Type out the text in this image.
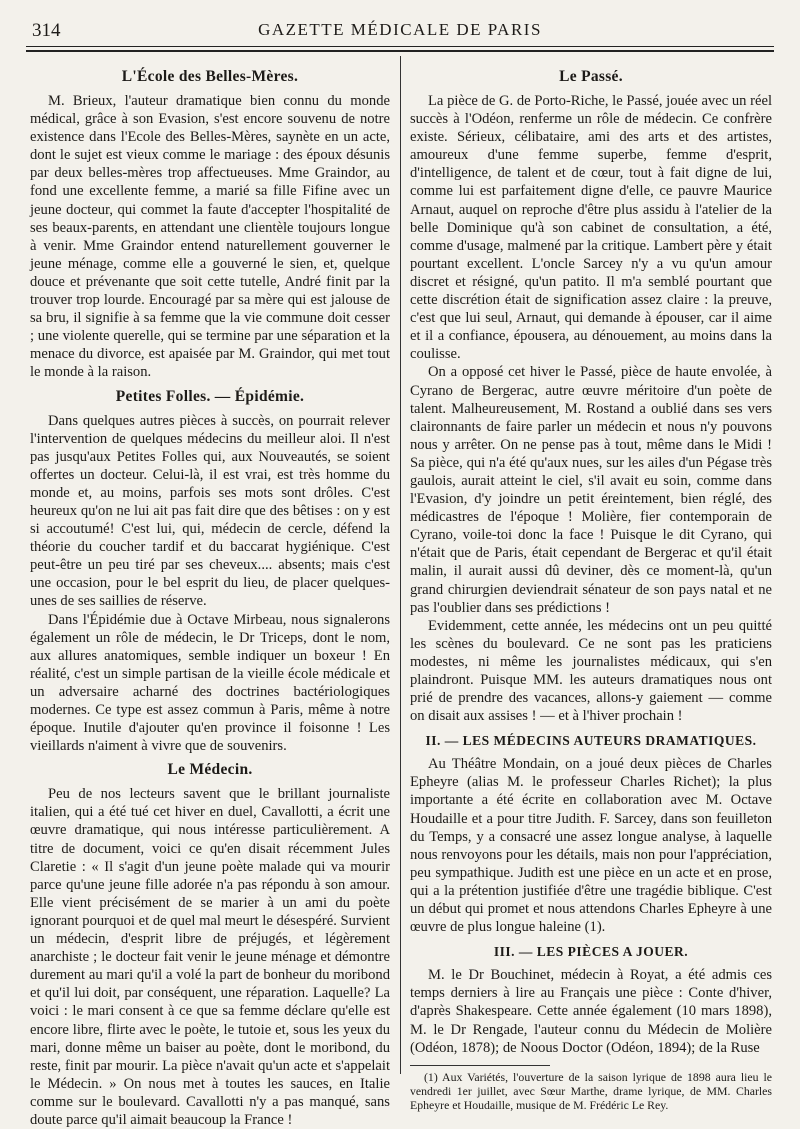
314	GAZETTE MÉDICALE DE PARIS
L'École des Belles-Mères.

M. Brieux, l'auteur dramatique bien connu du monde médical, grâce à son Evasion, s'est encore souvenu de notre existence dans l'Ecole des Belles-Mères, saynète en un acte, dont le sujet est vieux comme le mariage : des époux désunis par deux belles-mères trop affectueuses. Mme Graindor, au fond une excellente femme, a marié sa fille Fifine avec un jeune docteur, qui commet la faute d'accepter l'hospitalité de ses beaux-parents, en attendant une clientèle toujours longue à venir. Mme Graindor entend naturellement gouverner le jeune ménage, comme elle a gouverné le sien, et, quelque douce et prévenante que soit cette tutelle, André finit par la trouver trop lourde. Encouragé par sa mère qui est jalouse de sa bru, il signifie à sa femme que la vie commune doit cesser ; une violente querelle, qui se termine par une séparation et la menace du divorce, est apaisée par M. Graindor, qui met tout le monde à la raison.

Petites Folles. — Épidémie.

Dans quelques autres pièces à succès, on pourrait relever l'intervention de quelques médecins du meilleur aloi. Il n'est pas jusqu'aux Petites Folles qui, aux Nouveautés, se soient offertes un docteur. Celui-là, il est vrai, est très homme du monde et, au moins, parfois ses mots sont drôles. C'est heureux qu'on ne lui ait pas fait dire que des bêtises : on y est si accoutumé! C'est lui, qui, médecin de cercle, défend la théorie du coucher tardif et du baccarat hygiénique. C'est peut-être un peu tiré par ses cheveux.... absents; mais c'est une occasion, pour le bel esprit du lieu, de placer quelques-unes de ses saillies de réserve.

Dans l'Épidémie due à Octave Mirbeau, nous signalerons également un rôle de médecin, le Dr Triceps, dont le nom, aux allures anatomiques, semble indiquer un boxeur ! En réalité, c'est un simple partisan de la vieille école médicale et un adversaire acharné des doctrines bactériologiques modernes. Ce type est assez commun à Paris, même à notre époque. Inutile d'ajouter qu'en province il foisonne ! Les vieillards n'aiment à vivre que de souvenirs.

Le Médecin.

Peu de nos lecteurs savent que le brillant journaliste italien, qui a été tué cet hiver en duel, Cavallotti, a écrit une œuvre dramatique, qui nous intéresse particulièrement. A titre de document, voici ce qu'en disait récemment Jules Claretie : « Il s'agit d'un jeune poète malade qui va mourir parce qu'une jeune fille adorée n'a pas répondu à son amour. Elle vient précisément de se marier à un ami du poète ignorant pourquoi et de quel mal meurt le désespéré. Survient un médecin, d'esprit libre de préjugés, et légèrement anarchiste ; le docteur fait venir le jeune ménage et démontre durement au mari qu'il a volé la part de bonheur du moribond et qu'il lui doit, par conséquent, une réparation. Laquelle? La voici : le mari consent à ce que sa femme déclare qu'elle est encore libre, flirte avec le poète, le tutoie et, sous les yeux du mari, donne même un baiser au poète, dont le moribond, du reste, finit par mourir. La pièce n'avait qu'un acte et s'appelait le Médecin. » On nous met à toutes les sauces, en Italie comme sur le boulevard. Cavallotti n'y a pas manqué, sans doute parce qu'il aimait beaucoup la France !

Le Passé.

La pièce de G. de Porto-Riche, le Passé, jouée avec un réel succès à l'Odéon, renferme un rôle de médecin. Ce confrère existe. Sérieux, célibataire, ami des arts et des artistes, amoureux d'une femme superbe, femme d'esprit, d'intelligence, de talent et de cœur, tout à fait digne de lui, comme lui est parfaitement digne d'elle, ce pauvre Maurice Arnaut, auquel on reproche d'être plus assidu à l'atelier de la belle Dominique qu'à son cabinet de consultation, a été, comme d'usage, malmené par la critique. Lambert père y était pourtant excellent. L'oncle Sarcey n'y a vu qu'un amour discret et résigné, qu'un patito. Il m'a semblé pourtant que cette discrétion était de signification assez claire : la preuve, c'est que lui seul, Arnaut, qui demande à épouser, car il aime et il a confiance, épousera, au dénouement, au moins dans la coulisse.

On a opposé cet hiver le Passé, pièce de haute envolée, à Cyrano de Bergerac, autre œuvre méritoire d'un poète de talent. Malheureusement, M. Rostand a oublié dans ses vers claironnants de faire parler un médecin et nous n'y pouvons nous y arrêter. On ne pense pas à tout, même dans le Midi ! Sa pièce, qui n'a été qu'aux nues, sur les ailes d'un Pégase très gaulois, aurait atteint le ciel, s'il avait eu soin, comme dans l'Evasion, d'y joindre un petit éreintement, bien réglé, des médicastres de l'époque ! Molière, fier contemporain de Cyrano, voile-toi donc la face ! Puisque le dit Cyrano, qui n'était que de Paris, était cependant de Bergerac et qu'il était malin, il aurait aussi dû deviner, dès ce moment-là, qu'un grand chirurgien deviendrait sénateur de son pays natal et ne pas l'oublier dans ses prédictions !

Evidemment, cette année, les médecins ont un peu quitté les scènes du boulevard. Ce ne sont pas les praticiens modestes, ni même les journalistes médicaux, qui s'en plaindront. Puisque MM. les auteurs dramatiques nous ont prié de prendre des vacances, allons-y gaiement — comme on disait aux assises ! — et à l'hiver prochain !

II. — LES MÉDECINS AUTEURS DRAMATIQUES.

Au Théâtre Mondain, on a joué deux pièces de Charles Epheyre (alias M. le professeur Charles Richet); la plus importante a été écrite en collaboration avec M. Octave Houdaille et a pour titre Judith. F. Sarcey, dans son feuilleton du Temps, y a consacré une assez longue analyse, à laquelle nous renvoyons pour les détails, mais non pour l'appréciation, peu sympathique. Judith est une pièce en un acte et en prose, qui a la prétention justifiée d'être une tragédie biblique. C'est un début qui promet et nous attendons Charles Epheyre à une œuvre de plus longue haleine (1).

III. — LES PIÈCES A JOUER.

M. le Dr Bouchinet, médecin à Royat, a été admis ces temps derniers à lire au Français une pièce : Conte d'hiver, d'après Shakespeare. Cette année également (10 mars 1898), M. le Dr Rengade, l'auteur connu du Médecin de Molière (Odéon, 1878); de Noous Doctor (Odéon, 1894); de la Ruse

(1) Aux Variétés, l'ouverture de la saison lyrique de 1898 aura lieu le vendredi 1er juillet, avec Sœur Marthe, drame lyrique, de MM. Charles Epheyre et Houdaille, musique de M. Frédéric Le Rey.
